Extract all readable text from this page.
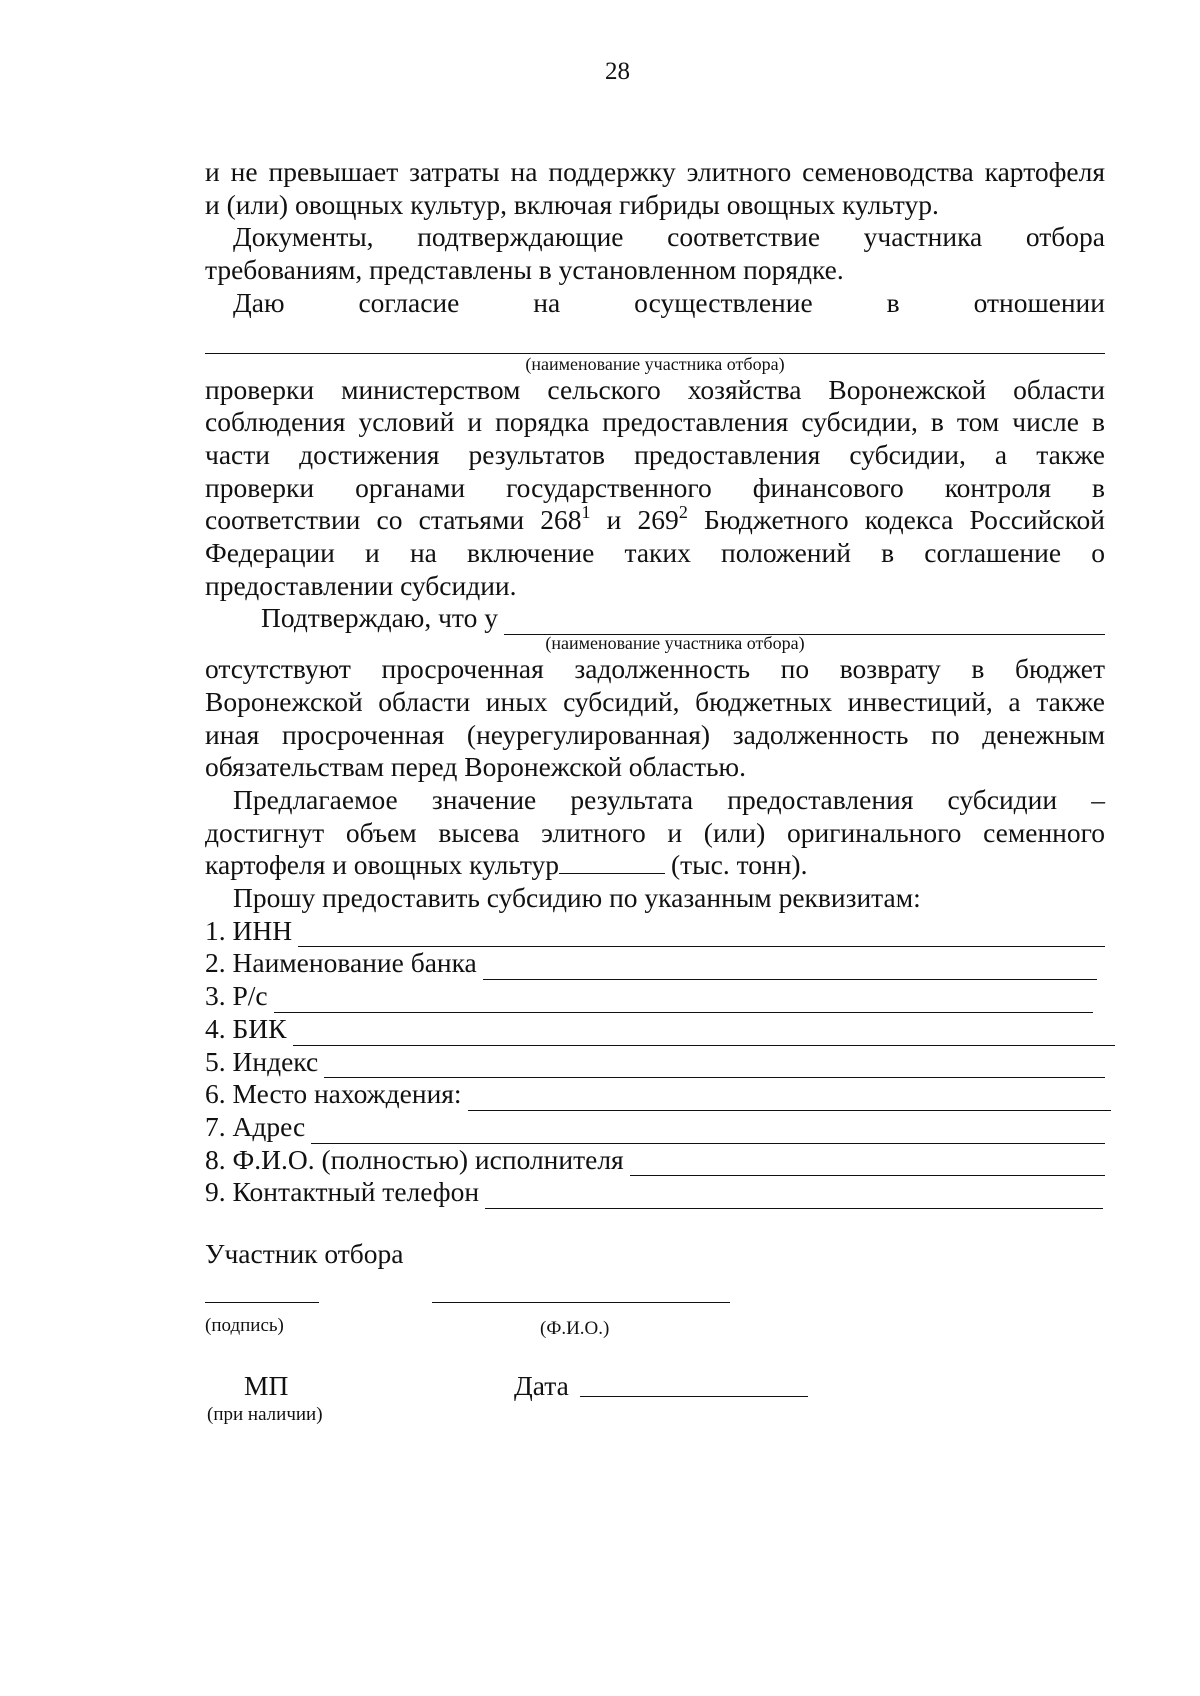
28
и не превышает затраты на поддержку элитного семеноводства картофеля
и (или) овощных культур, включая гибриды овощных культур.
Документы, подтверждающие соответствие участника отбора
требованиям, представлены в установленном порядке.
Даю согласие на осуществление в отношении
(наименование участника отбора)
проверки министерством сельского хозяйства Воронежской области
соблюдения условий и порядка предоставления субсидии, в том числе в
части достижения результатов предоставления субсидии, а также
проверки органами государственного финансового контроля в
соответствии со статьями $268^1$ и $269^2$ Бюджетного кодекса Российской
Федерации и на включение таких положений в соглашение о
предоставлении субсидии.
Подтверждаю, что у
(наименование участника отбора)
отсутствуют просроченная задолженность по возврату в бюджет
Воронежской области иных субсидий, бюджетных инвестиций, а также
иная просроченная (неурегулированная) задолженность по денежным
обязательствам перед Воронежской областью.
Предлагаемое значение результата предоставления субсидии –
достигнут объем высева элитного и (или) оригинального семенного
картофеля и овощных культур	(тыс. тонн).
Прошу предоставить субсидию по указанным реквизитам:
1. ИНН
2. Наименование банка
3. Р/с
4. БИК
5. Индекс
6. Место нахождения:
7. Адрес
8. Ф.И.О. (полностью) исполнителя
9. Контактный телефон
Участник отбора
(подпись)	(Ф.И.О.)
МП
(при наличии)
Дата
